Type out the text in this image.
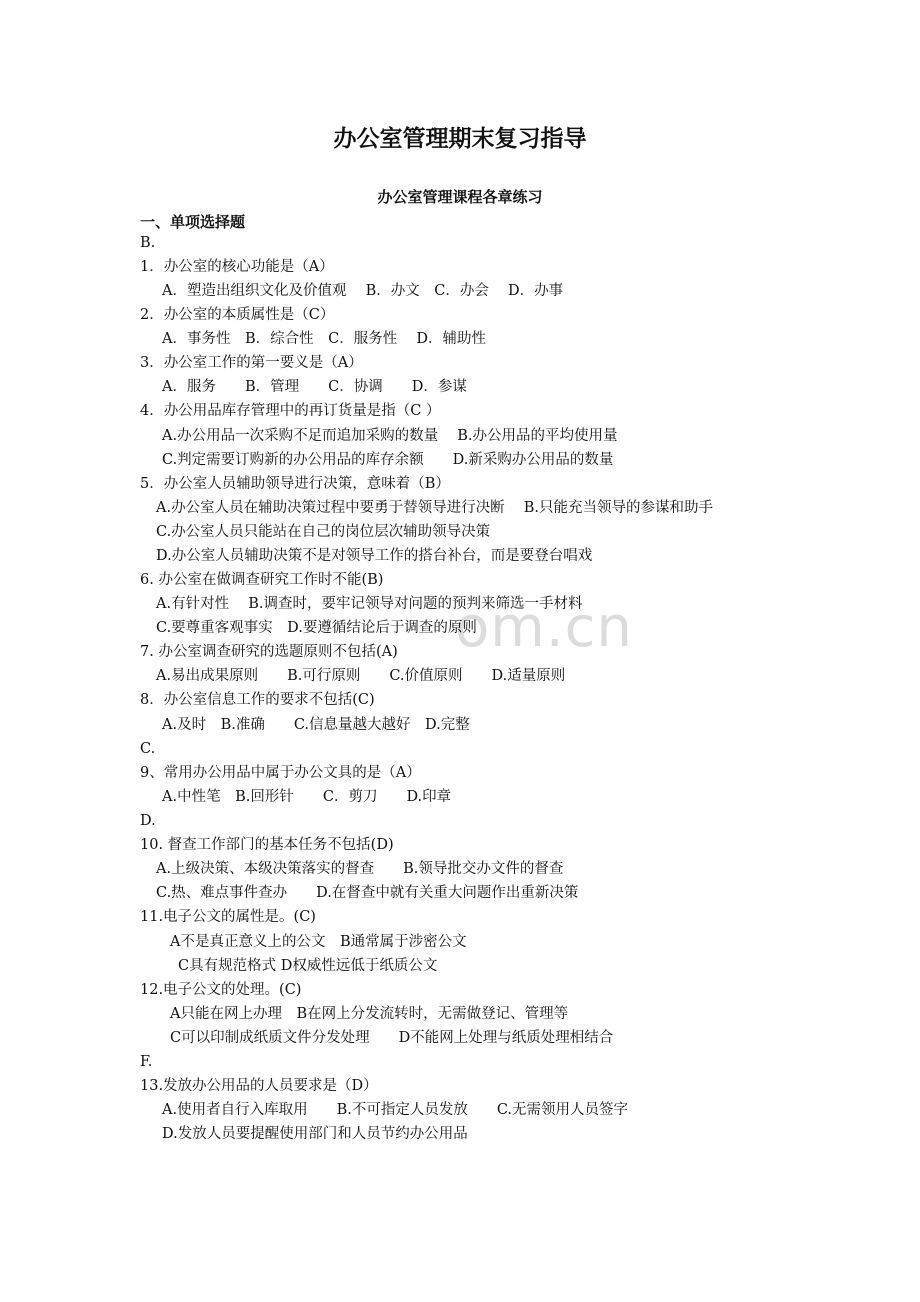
办公室管理期末复习指导
办公室管理课程各章练习
一、单项选择题
om.cn
B.
1．办公室的核心功能是（A）
A．塑造出组织文化及价值观　 B．办文　C．办会　 D．办事
2．办公室的本质属性是（C）
A．事务性　B．综合性　C．服务性　 D．辅助性
3．办公室工作的第一要义是（A）
A．服务　　B．管理　　C．协调　　D．参谋
4．办公用品库存管理中的再订货量是指（C ）
A.办公用品一次采购不足而追加采购的数量　 B.办公用品的平均使用量
C.判定需要订购新的办公用品的库存余额　　D.新采购办公用品的数量
5．办公室人员辅助领导进行决策，意味着（B）
A.办公室人员在辅助决策过程中要勇于替领导进行决断　 B.只能充当领导的参谋和助手
C.办公室人员只能站在自己的岗位层次辅助领导决策
D.办公室人员辅助决策不是对领导工作的搭台补台，而是要登台唱戏
6. 办公室在做调查研究工作时不能(B)
A.有针对性　 B.调查时，要牢记领导对问题的预判来筛选一手材料
C.要尊重客观事实　D.要遵循结论后于调查的原则
7. 办公室调查研究的选题原则不包括(A)
A.易出成果原则　　B.可行原则　　C.价值原则　　D.适量原则
8．办公室信息工作的要求不包括(C)
A.及时　B.准确　　C.信息量越大越好　D.完整
C.
9、常用办公用品中属于办公文具的是（A）
A.中性笔　B.回形针　　C．剪刀　　D.印章
D.
10. 督查工作部门的基本任务不包括(D)
A.上级决策、本级决策落实的督查　　B.领导批交办文件的督查
C.热、难点事件查办　　D.在督查中就有关重大问题作出重新决策
11.电子公文的属性是。(C)
A不是真正意义上的公文　B通常属于涉密公文
C具有规范格式 D权威性远低于纸质公文
12.电子公文的处理。(C)
A只能在网上办理　B在网上分发流转时，无需做登记、管理等
C可以印制成纸质文件分发处理　　D不能网上处理与纸质处理相结合
F.
13.发放办公用品的人员要求是（D）
A.使用者自行入库取用　　B.不可指定人员发放　　C.无需领用人员签字
D.发放人员要提醒使用部门和人员节约办公用品
